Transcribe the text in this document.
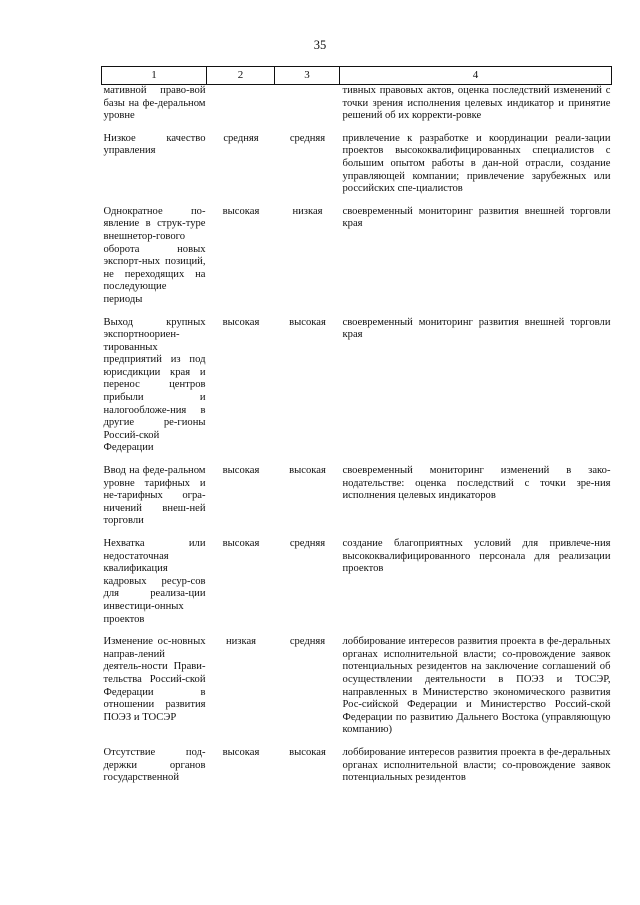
35
1	2	3	4
мативной право-вой базы на фе-деральном уровне			тивных правовых актов, оценка последствий изменений с точки зрения исполнения целевых индикатор и принятие решений об их корректи-ровке
Низкое качество управления	средняя	средняя	привлечение к разработке и координации реали-зации проектов высококвалифицированных специалистов с большим опытом работы в дан-ной отрасли, создание управляющей компании; привлечение зарубежных или российских спе-циалистов
Однократное по-явление в струк-туре внешнетор-гового оборота новых экспорт-ных позиций, не переходящих на последующие периоды	высокая	низкая	своевременный мониторинг развития внешней торговли края
Выход крупных экспортноориен-тированных предприятий из под юрисдикции края и перенос центров прибыли и налогообложе-ния в другие ре-гионы Россий-ской Федерации	высокая	высокая	своевременный мониторинг развития внешней торговли края
Ввод на феде-ральном уровне тарифных и не-тарифных огра-ничений внеш-ней торговли	высокая	высокая	своевременный мониторинг изменений в зако-нодательстве: оценка последствий с точки зре-ния исполнения целевых индикаторов
Нехватка или недостаточная квалификация кадровых ресур-сов для реализа-ции инвестици-онных проектов	высокая	средняя	создание благоприятных условий для привлече-ния высококвалифицированного персонала для реализации проектов
Изменение ос-новных направ-лений деятель-ности Прави-тельства Россий-ской Федерации в отношении развития ПОЭЗ и ТОСЭР	низкая	средняя	лоббирование интересов развития проекта в фе-деральных органах исполнительной власти; со-провождение заявок потенциальных резидентов на заключение соглашений об осуществлении деятельности в ПОЭЗ и ТОСЭР, направленных в Министерство экономического развития Рос-сийской Федерации и Министерство Россий-ской Федерации по развитию Дальнего Востока (управляющую компанию)
Отсутствие под-держки органов государственной	высокая	высокая	лоббирование интересов развития проекта в фе-деральных органах исполнительной власти; со-провождение заявок потенциальных резидентов
